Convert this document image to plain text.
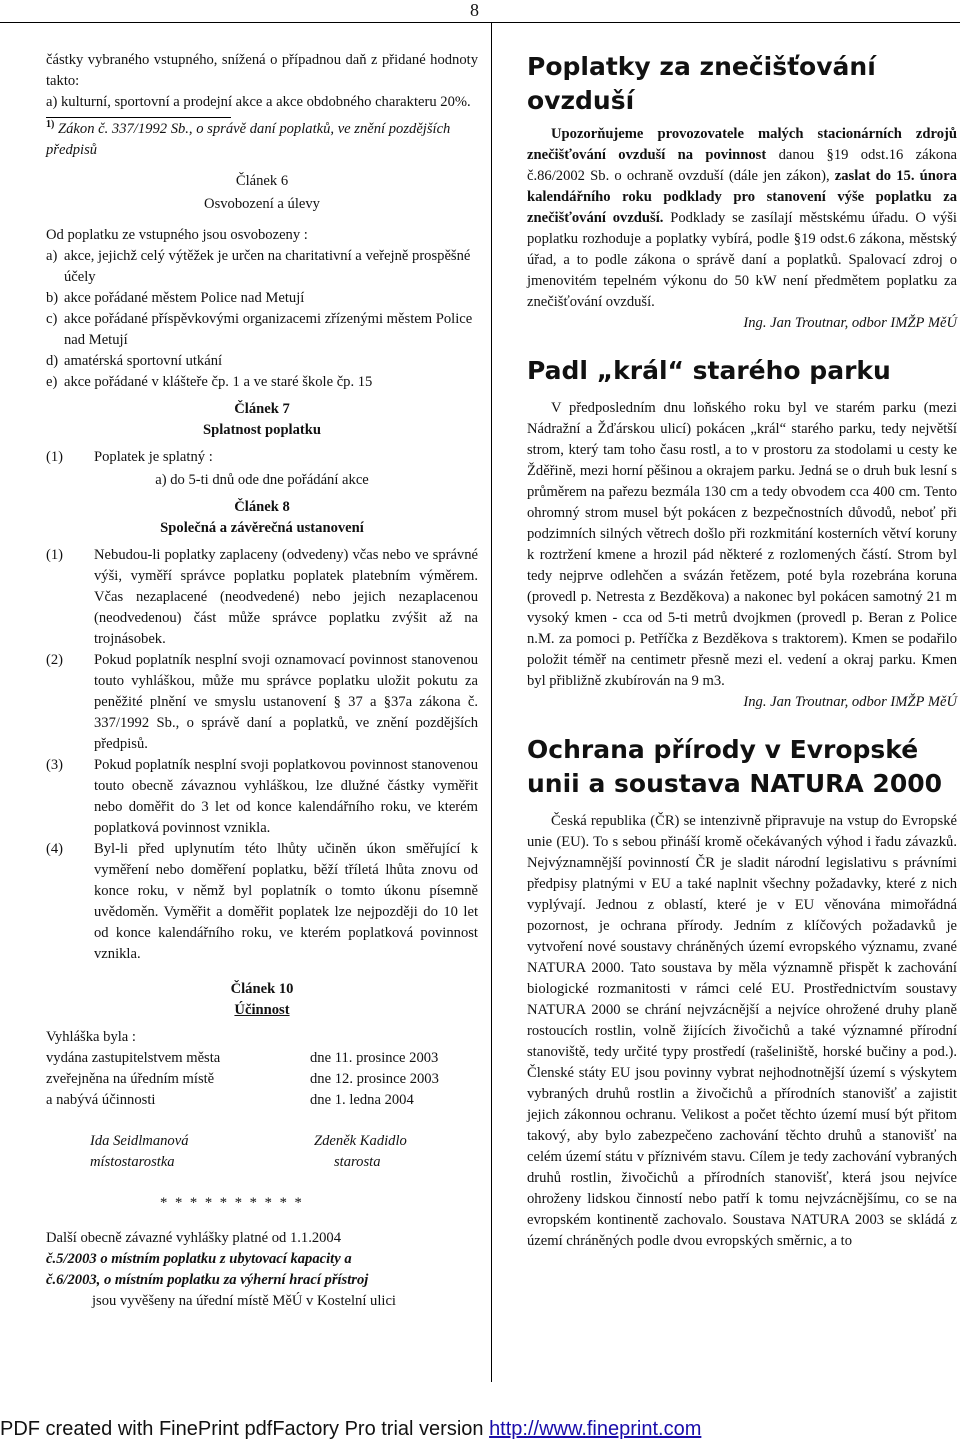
8

částky vybraného vstupného, snížená o případnou daň z přidané hodnoty takto:

a) kulturní, sportovní a prodejní akce a akce obdobného charakteru 20%.

$^{1)}$ Zákon č. 337/1992 Sb., o správě daní poplatků, ve znění pozdějších předpisů

Článek 6

Osvobození a úlevy

Od poplatku ze vstupného jsou osvobozeny :

a) akce, jejichž celý výtěžek je určen na charitativní a veřejně prospěšné účely
b) akce pořádané městem Police nad Metují
c) akce pořádané příspěvkovými organizacemi zřízenými městem Police nad Metují
d) amatérská sportovní utkání
e) akce pořádané v klášteře čp. 1 a ve staré škole čp. 15

Článek 7

Splatnost poplatku

(1) Poplatek je splatný :

a) do 5-ti dnů ode dne pořádání akce

Článek 8

Společná a závěrečná ustanovení

(1) Nebudou-li poplatky zaplaceny (odvedeny) včas nebo ve správné výši, vyměří správce poplatku poplatek platebním výměrem. Včas nezaplacené (neodvedené) nebo jejich nezaplacenou (neodvedenou) část může správce poplatku zvýšit až na trojnásobek.
(2) Pokud poplatník nesplní svoji oznamovací povinnost stanovenou touto vyhláškou, může mu správce poplatku uložit pokutu za peněžité plnění ve smyslu ustanovení § 37 a §37a zákona č. 337/1992 Sb., o správě daní a poplatků, ve znění pozdějších předpisů.
(3) Pokud poplatník nesplní svoji poplatkovou povinnost stanovenou touto obecně závaznou vyhláškou, lze dlužné částky vyměřit nebo doměřit do 3 let od konce kalendářního roku, ve kterém poplatková povinnost vznikla.
(4) Byl-li před uplynutím této lhůty učiněn úkon směřující k vyměření nebo doměření poplatku, běží tříletá lhůta znovu od konce roku, v němž byl poplatník o tomto úkonu písemně uvědoměn. Vyměřit a doměřit poplatek lze nejpozději do 10 let od konce kalendářního roku, ve kterém poplatková povinnost vznikla.

Článek 10

Účinnost

Vyhláška byla :

vydána zastupitelstvem města	dne 11. prosince 2003
zveřejněna na úředním místě	dne 12. prosince 2003
a nabývá účinnosti	dne 1. ledna 2004
Ida Seidlmanová	Zdeněk Kadidlo
místostarostka	starosta

* * * * * * * * * *

Další obecně závazné vyhlášky platné od 1.1.2004

č.5/2003 o místním poplatku z ubytovací kapacity a

č.6/2003, o místním poplatku za výherní hrací přístroj

jsou vyvěšeny na úřední místě MěÚ v Kostelní ulici

Poplatky za znečišťování ovzduší

Upozorňujeme provozovatele malých stacionárních zdrojů znečišťování ovzduší na povinnost danou §19 odst.16 zákona č.86/2002 Sb. o ochraně ovzduší (dále jen zákon), zaslat do 15. února kalendářního roku podklady pro stanovení výše poplatku za znečišťování ovzduší. Podklady se zasílají městskému úřadu. O výši poplatku rozhoduje a poplatky vybírá, podle §19 odst.6 zákona, městský úřad, a to podle zákona o správě daní a poplatků. Spalovací zdroj o jmenovitém tepelném výkonu do 50 kW není předmětem poplatku za znečišťování ovzduší.

Ing. Jan Troutnar, odbor IMŽP MěÚ

Padl „král“ starého parku

V předposledním dnu loňského roku byl ve starém parku (mezi Nádražní a Žďárskou ulicí) pokácen „král“ starého parku, tedy největší strom, který tam toho času rostl, a to v prostoru za stodolami u cesty ke Žděřině, mezi horní pěšinou a okrajem parku. Jedná se o druh buk lesní s průměrem na pařezu bezmála 130 cm a tedy obvodem cca 400 cm. Tento ohromný strom musel být pokácen z bezpečnostních důvodů, neboť při podzimních silných větrech došlo při rozkmitání kosterních větví koruny k roztržení kmene a hrozil pád některé z rozlomených částí. Strom byl tedy nejprve odlehčen a svázán řetězem, poté byla rozebrána koruna (provedl p. Netresta z Bezděkova) a nakonec byl pokácen samotný 21 m vysoký kmen - cca od 5-ti metrů dvojkmen (provedl p. Beran z Police n.M. za pomoci p. Petříčka z Bezděkova s traktorem). Kmen se podařilo položit téměř na centimetr přesně mezi el. vedení a okraj parku. Kmen byl přibližně zkubírován na 9 m3.

Ing. Jan Troutnar, odbor IMŽP MěÚ

Ochrana přírody v Evropské unii a soustava NATURA 2000

Česká republika (ČR) se intenzivně připravuje na vstup do Evropské unie (EU). To s sebou přináší kromě očekávaných výhod i řadu závazků. Nejvýznamnější povinností ČR je sladit národní legislativu s právními předpisy platnými v EU a také naplnit všechny požadavky, které z nich vyplývají. Jednou z oblastí, které je v EU věnována mimořádná pozornost, je ochrana přírody. Jedním z klíčových požadavků je vytvoření nové soustavy chráněných území evropského významu, zvané NATURA 2000. Tato soustava by měla významně přispět k zachování biologické rozmanitosti v rámci celé EU. Prostřednictvím soustavy NATURA 2000 se chrání nejvzácnější a nejvíce ohrožené druhy planě rostoucích rostlin, volně žijících živočichů a také významné přírodní stanoviště, tedy určité typy prostředí (rašeliniště, horské bučiny a pod.). Členské státy EU jsou povinny vybrat nejhodnotnější území s výskytem vybraných druhů rostlin a živočichů a přírodních stanovišť a zajistit jejich zákonnou ochranu. Velikost a počet těchto území musí být přitom takový, aby bylo zabezpečeno zachování těchto druhů a stanovišť na celém území státu v příznivém stavu. Cílem je tedy zachování vybraných druhů rostlin, živočichů a přírodních stanovišť, která jsou nejvíce ohroženy lidskou činností nebo patří k tomu nejvzácnějšímu, co se na evropském kontinentě zachovalo. Soustava NATURA 2003 se skládá z území chráněných podle dvou evropských směrnic, a to

PDF created with FinePrint pdfFactory Pro trial version http://www.fineprint.com
